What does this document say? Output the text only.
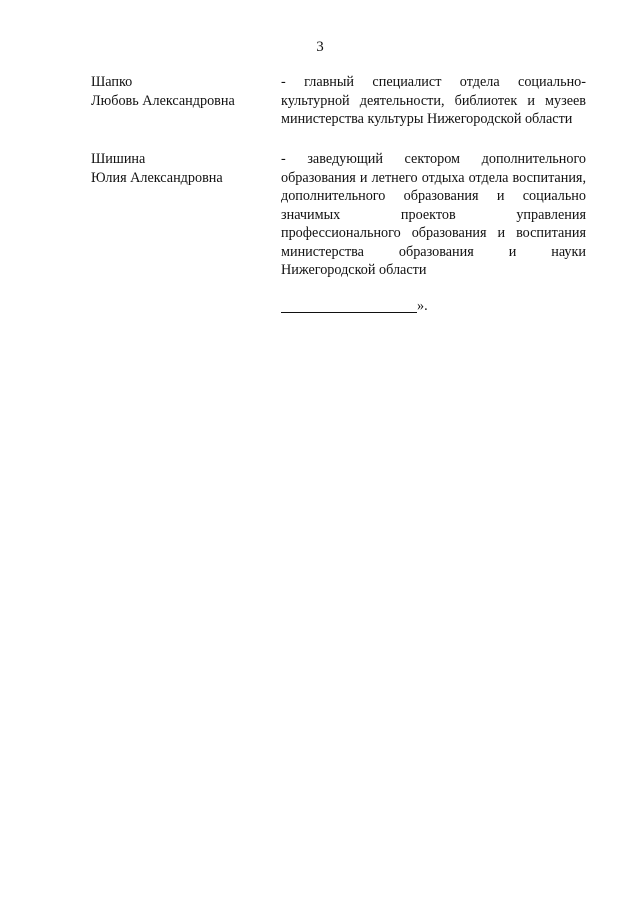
3
Шапко
Любовь Александровна
- главный специалист отдела социально-культурной деятельности, библиотек и музеев министерства культуры Нижегородской области
Шишина
Юлия Александровна
- заведующий сектором дополнительного образования и летнего отдыха отдела воспитания, дополнительного образования и социально значимых проектов управления профессионального образования и воспитания министерства образования и науки Нижегородской области
».
